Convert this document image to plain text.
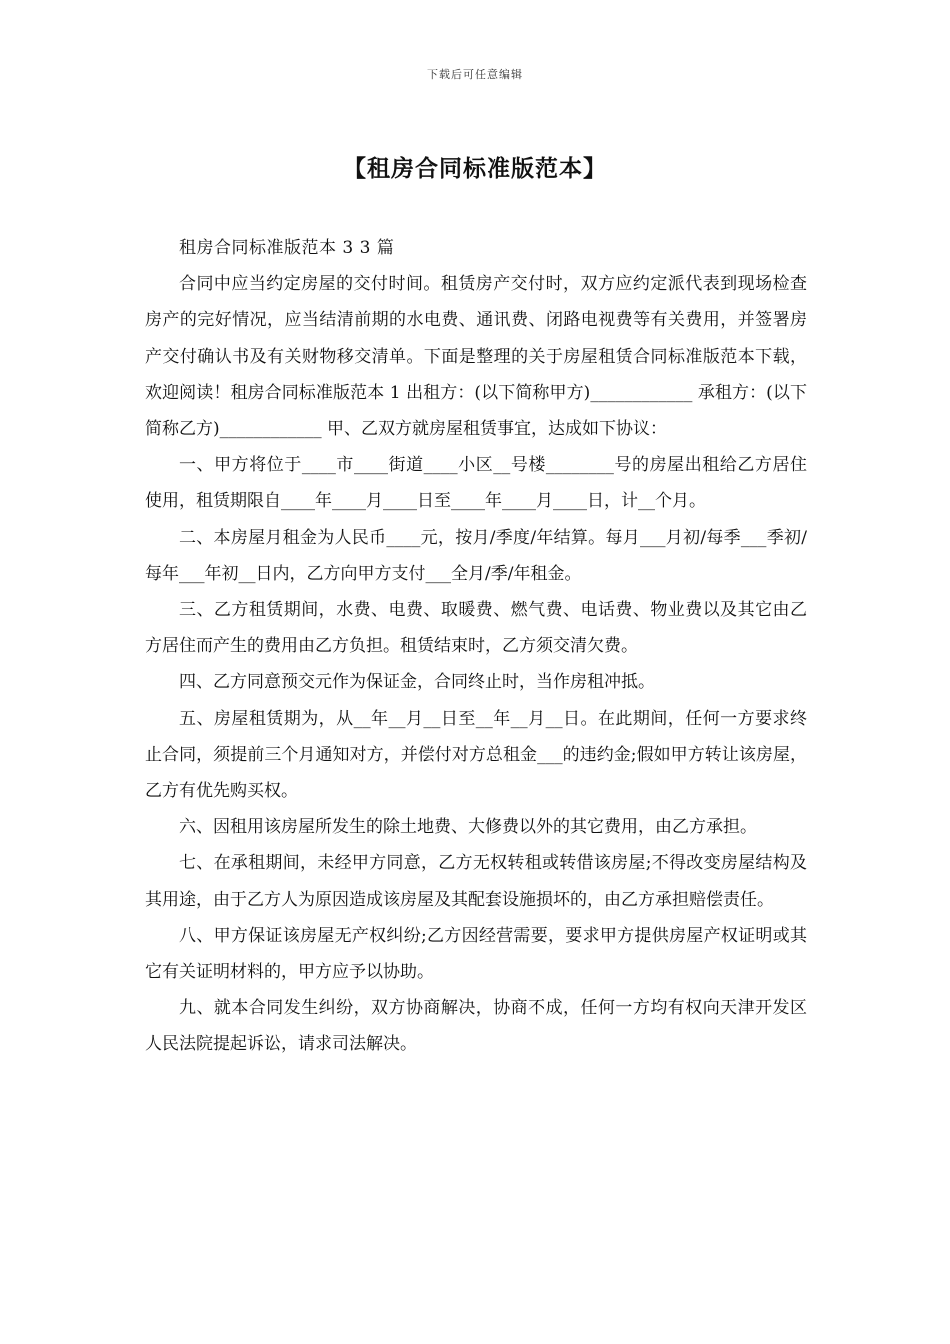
下载后可任意编辑
【租房合同标准版范本】

租房合同标准版范本 3 3 篇

合同中应当约定房屋的交付时间。租赁房产交付时，双方应约定派代表到现场检查房产的完好情况，应当结清前期的水电费、通讯费、闭路电视费等有关费用，并签署房产交付确认书及有关财物移交清单。下面是整理的关于房屋租赁合同标准版范本下载，欢迎阅读！租房合同标准版范本 1 出租方：(以下简称甲方)____________ 承租方：(以下简称乙方)____________ 甲、乙双方就房屋租赁事宜，达成如下协议：

一、甲方将位于____市____街道____小区__号楼________号的房屋出租给乙方居住使用，租赁期限自____年____月____日至____年____月____日，计__个月。

二、本房屋月租金为人民币____元，按月/季度/年结算。每月___月初/每季___季初/每年___年初__日内，乙方向甲方支付___全月/季/年租金。

三、乙方租赁期间，水费、电费、取暖费、燃气费、电话费、物业费以及其它由乙方居住而产生的费用由乙方负担。租赁结束时，乙方须交清欠费。

四、乙方同意预交元作为保证金，合同终止时，当作房租冲抵。

五、房屋租赁期为，从__年__月__日至__年__月__日。在此期间，任何一方要求终止合同，须提前三个月通知对方，并偿付对方总租金___的违约金;假如甲方转让该房屋，乙方有优先购买权。

六、因租用该房屋所发生的除土地费、大修费以外的其它费用，由乙方承担。

七、在承租期间，未经甲方同意，乙方无权转租或转借该房屋;不得改变房屋结构及其用途，由于乙方人为原因造成该房屋及其配套设施损坏的，由乙方承担赔偿责任。

八、甲方保证该房屋无产权纠纷;乙方因经营需要，要求甲方提供房屋产权证明或其它有关证明材料的，甲方应予以协助。

九、就本合同发生纠纷，双方协商解决，协商不成，任何一方均有权向天津开发区人民法院提起诉讼，请求司法解决。
